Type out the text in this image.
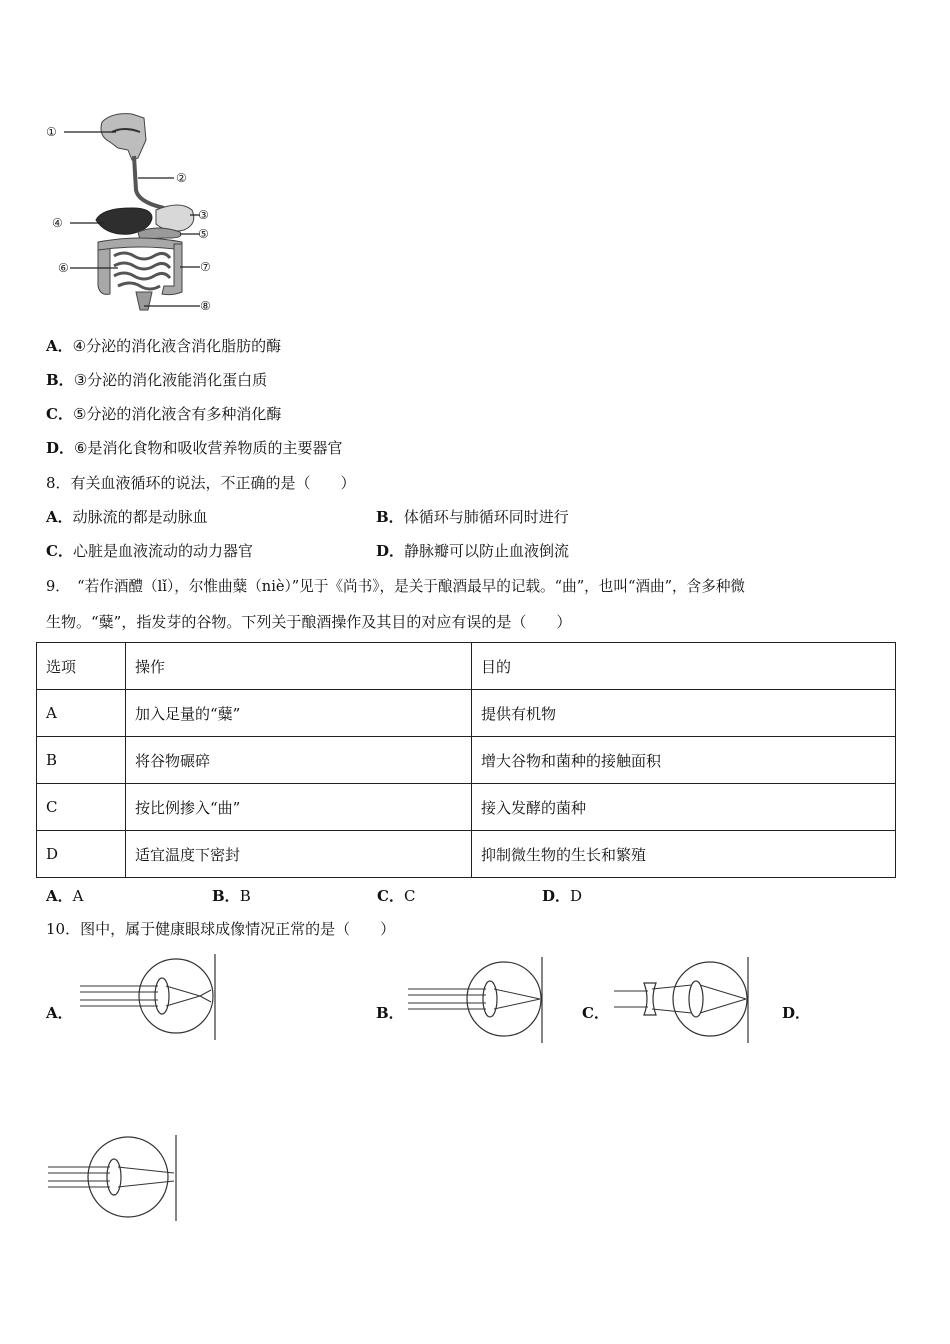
①
②
③
④
⑤
⑥	⑦
⑧
A．④分泌的消化液含消化脂肪的酶
B．③分泌的消化液能消化蛋白质
C．⑤分泌的消化液含有多种消化酶
D．⑥是消化食物和吸收营养物质的主要器官
8．有关血液循环的说法，不正确的是（　　）
A．动脉流的都是动脉血	B．体循环与肺循环同时进行
C．心脏是血液流动的动力器官	D．静脉瓣可以防止血液倒流
9．　“若作酒醴（lǐ），尔惟曲糵（niè）”见于《尚书》，是关于酿酒最早的记载。“曲”，也叫“酒曲”，含多种微
生物。“糵”，指发芽的谷物。下列关于酿酒操作及其目的对应有误的是（　　）
选项	操作	目的
A	加入足量的“糵”	提供有机物
B	将谷物碾碎	增大谷物和菌种的接触面积
C	按比例掺入“曲”	接入发酵的菌种
D	适宜温度下密封	抑制微生物的生长和繁殖
A．A	B．B	C．C	D．D
10．图中，属于健康眼球成像情况正常的是（　　）
A．	B．	C．	D．
